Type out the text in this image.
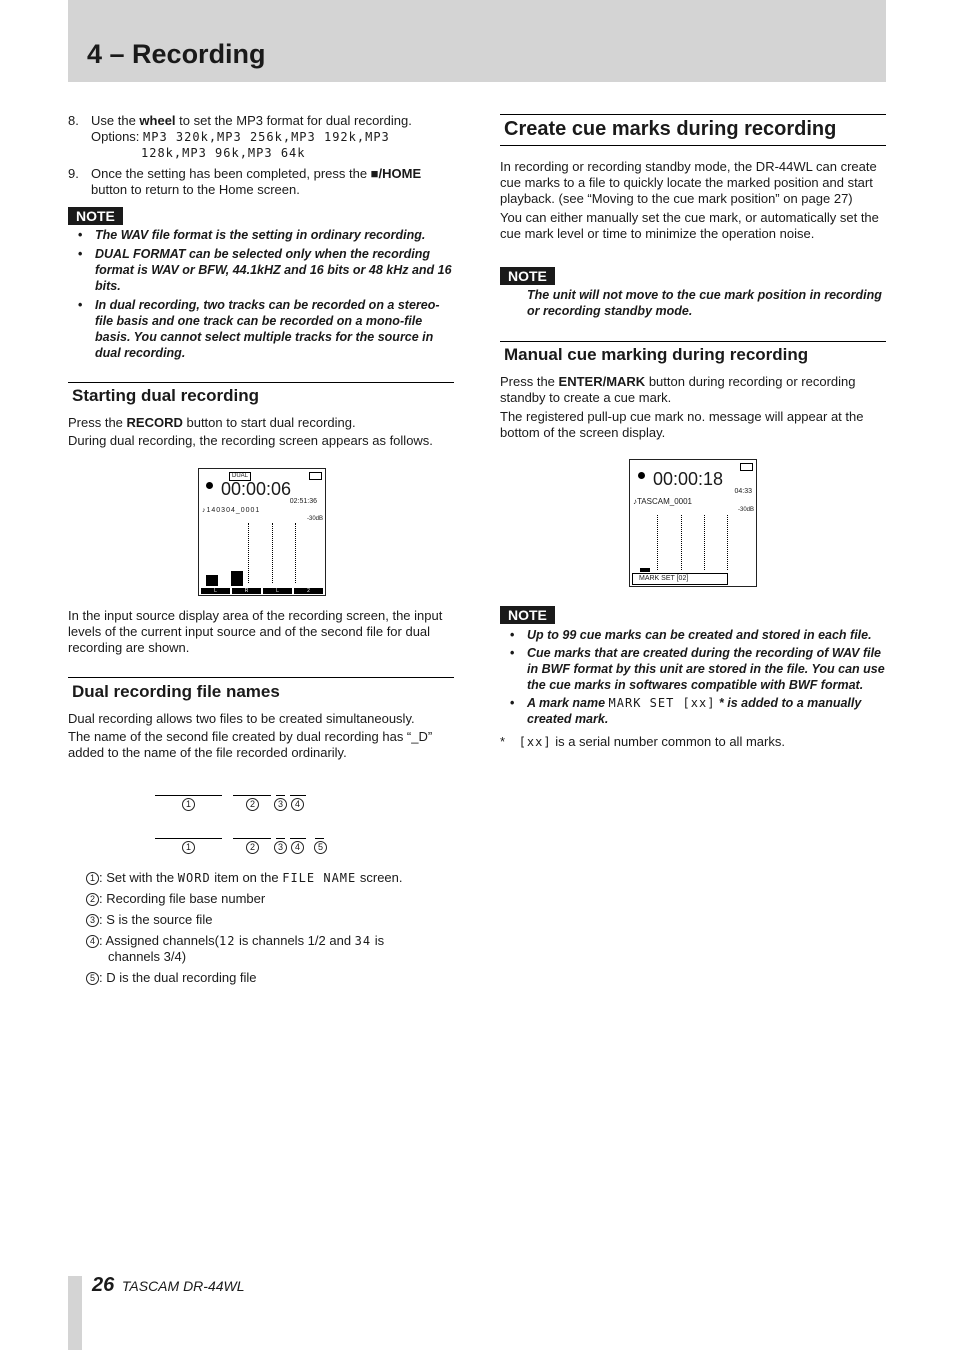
4 – Recording
8. Use the wheel to set the MP3 format for dual recording.

Options: MP3 320k,MP3 256k,MP3 192k,MP3

128k,MP3 96k,MP3 64k

9. Once the setting has been completed, press the ■/HOME

button to return to the Home screen.

NOTE
• The WAV file format is the setting in ordinary recording.
• DUAL FORMAT can be selected only when the recording format is WAV or BFW, 44.1kHZ and 16 bits or 48 kHz and 16 bits.
• In dual recording, two tracks can be recorded on a stereo-file basis and one track can be recorded on a mono-file basis. You cannot select multiple tracks for the source in dual recording.
Starting dual recording

Press the RECORD button to start dual recording.

During dual recording, the recording screen appears as follows.

DUAL
00:00:06
02:51:36
♪140304_0001
-30dB
L	R	L	2

In the input source display area of the recording screen, the input levels of the current input source and of the second file for dual recording are shown.

Dual recording file names

Dual recording allows two files to be created simultaneously.

The name of the second file created by dual recording has “_D” added to the name of the file recorded ordinarily.

1	2	3	4
1	2	3	4	5
1 : Set with the WORD item on the FILE NAME screen.
2 : Recording file base number
3 : S is the source file
4 : Assigned channels(12 is channels 1/2 and 34 is
channels 3/4)
5 : D is the dual recording file
Create cue marks during recording

In recording or recording standby mode, the DR-44WL can create cue marks to a file to quickly locate the marked position and start playback. (see “Moving to the cue mark position” on page 27)

You can either manually set the cue mark, or automatically set the cue mark level or time to minimize the operation noise.

NOTE
The unit will not move to the cue mark position in recording or recording standby mode.
Manual cue marking during recording

Press the ENTER/MARK button during recording or recording standby to create a cue mark.

The registered pull-up cue mark no. message will appear at the bottom of the screen display.

00:00:18
04:33
♪TASCAM_0001
-30dB
MARK SET [02]
NOTE
• Up to 99 cue marks can be created and stored in each file.
• Cue marks that are created during the recording of WAV file in BWF format by this unit are stored in the file. You can use the cue marks in softwares compatible with BWF format.
• A mark name MARK SET [xx] * is added to a manually created mark.
* [xx] is a serial number common to all marks.
26 TASCAM DR-44WL
